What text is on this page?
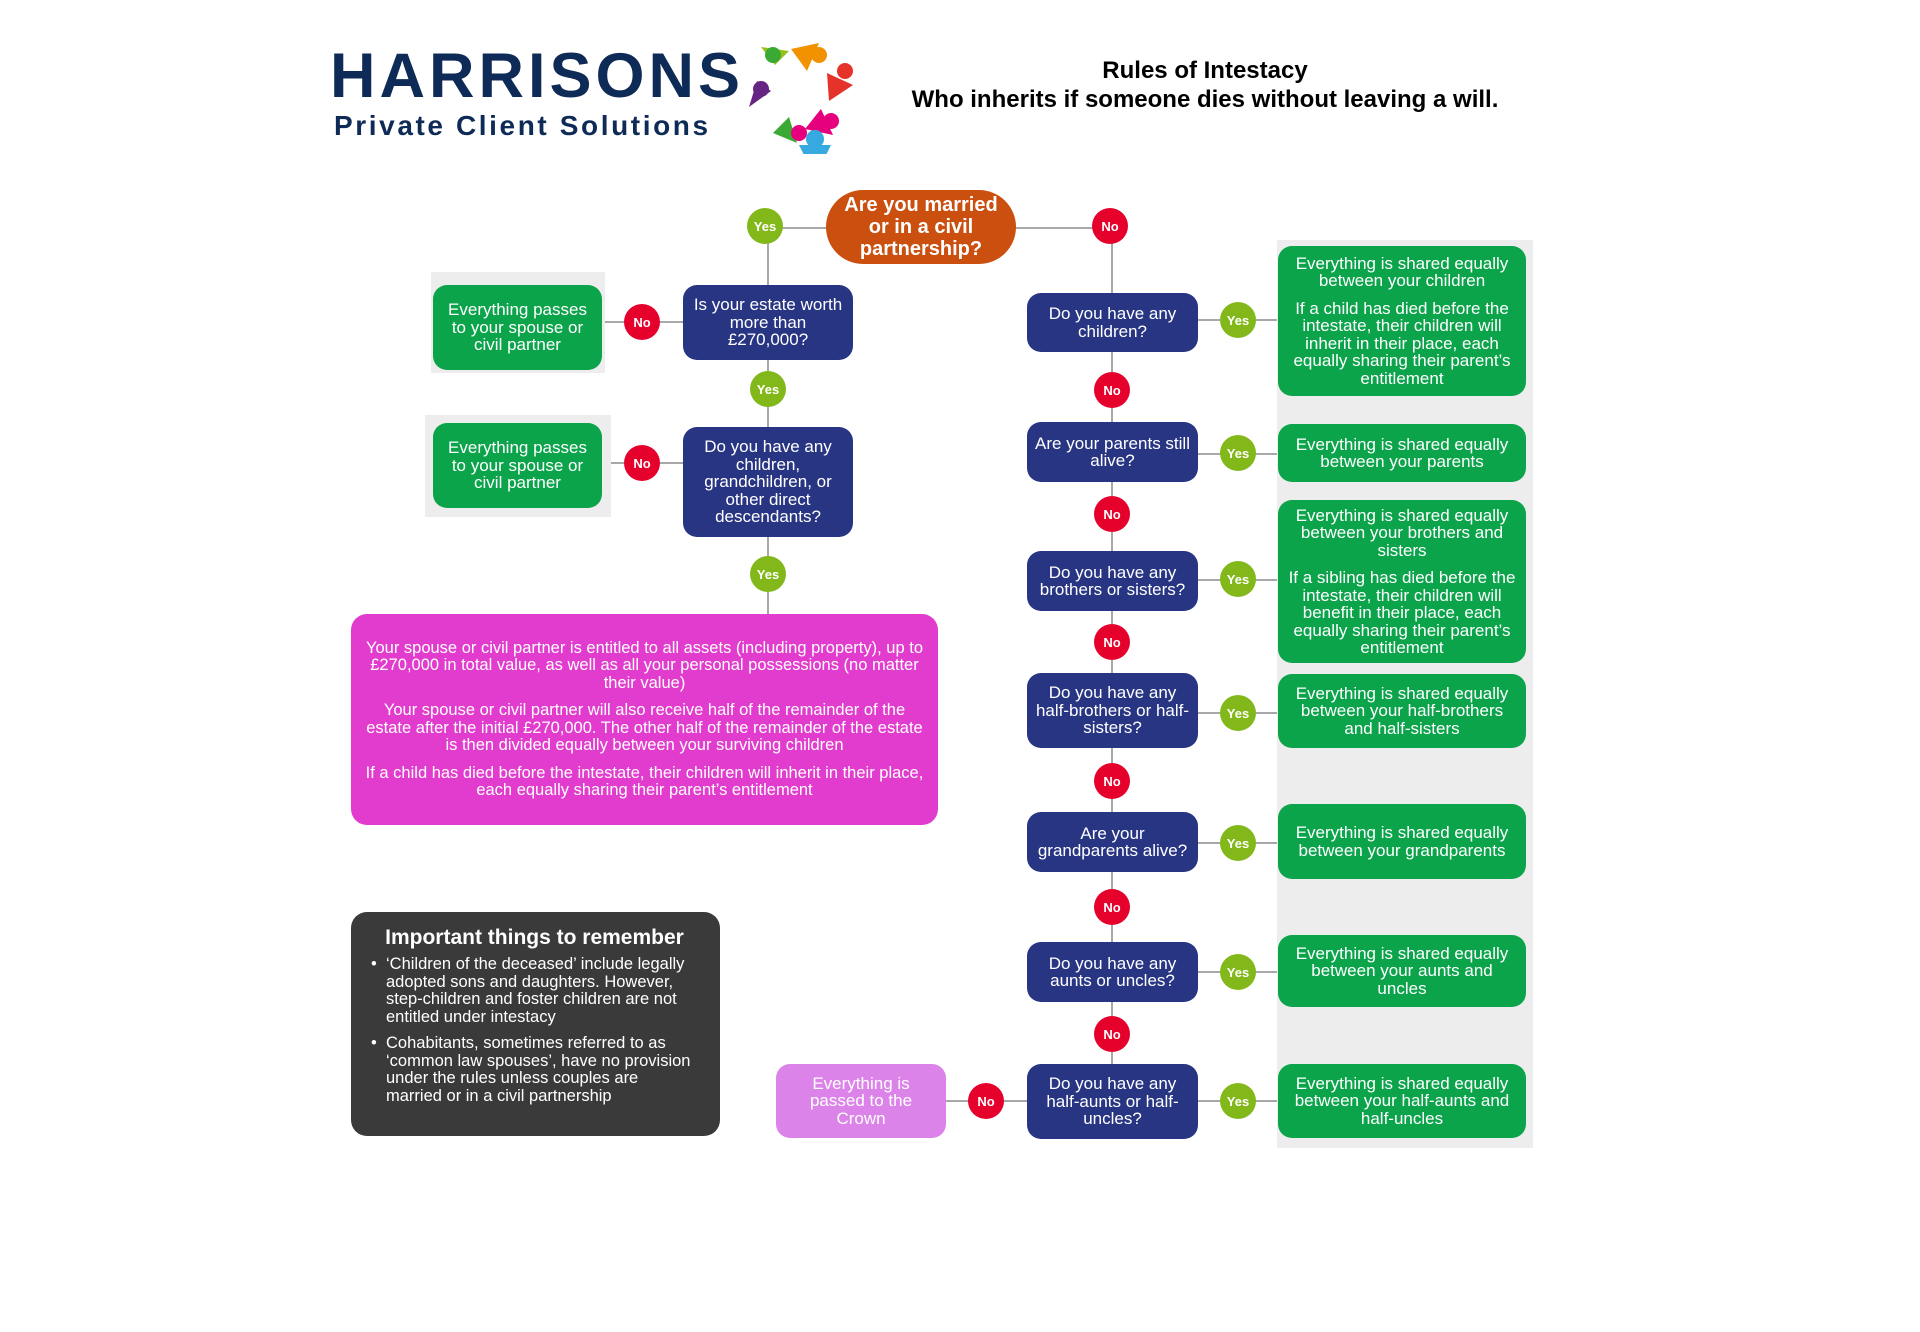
HARRISONS
Private Client Solutions
Rules of Intestacy
Who inherits if someone dies without leaving a will.
Are you married or in a civil partnership?
Yes	No
Is your estate worth more than £270,000?
No
Everything passes to your spouse or civil partner
Yes
Do you have any children, grandchildren, or other direct descendants?
No
Everything passes to your spouse or civil partner
Yes

Your spouse or civil partner is entitled to all assets (including property), up to £270,000 in total value, as well as all your personal possessions (no matter their value)

Your spouse or civil partner will also receive half of the remainder of the estate after the initial £270,000. The other half of the remainder of the estate is then divided equally between your surviving children

If a child has died before the intestate, their children will inherit in their place, each equally sharing their parent’s entitlement

Do you have any children?
Yes

Everything is shared equally between your children

If a child has died before the intestate, their children will inherit in their place, each equally sharing their parent’s entitlement

No
Are your parents still alive?	Yes	Everything is shared equally between your parents

No
Do you have any brothers or sisters?
Yes

Everything is shared equally between your brothers and sisters

If a sibling has died before the intestate, their children will benefit in their place, each equally sharing their parent’s entitlement

No
Do you have any half-brothers or half-sisters?
Yes

Everything is shared equally between your half-brothers and half-sisters

No
Are your grandparents alive?	Yes

Everything is shared equally between your grandparents

No
Do you have any aunts or uncles?	Yes

Everything is shared equally between your aunts and uncles

No
Do you have any half-aunts or half-uncles?
Yes

Everything is shared equally between your half-aunts and half-uncles

No
Everything is passed to the Crown
Important things to remember
• ‘Children of the deceased’ include legally adopted sons and daughters. However, step-children and foster children are not entitled under intestacy
• Cohabitants, sometimes referred to as ‘common law spouses’, have no provision under the rules unless couples are married or in a civil partnership
